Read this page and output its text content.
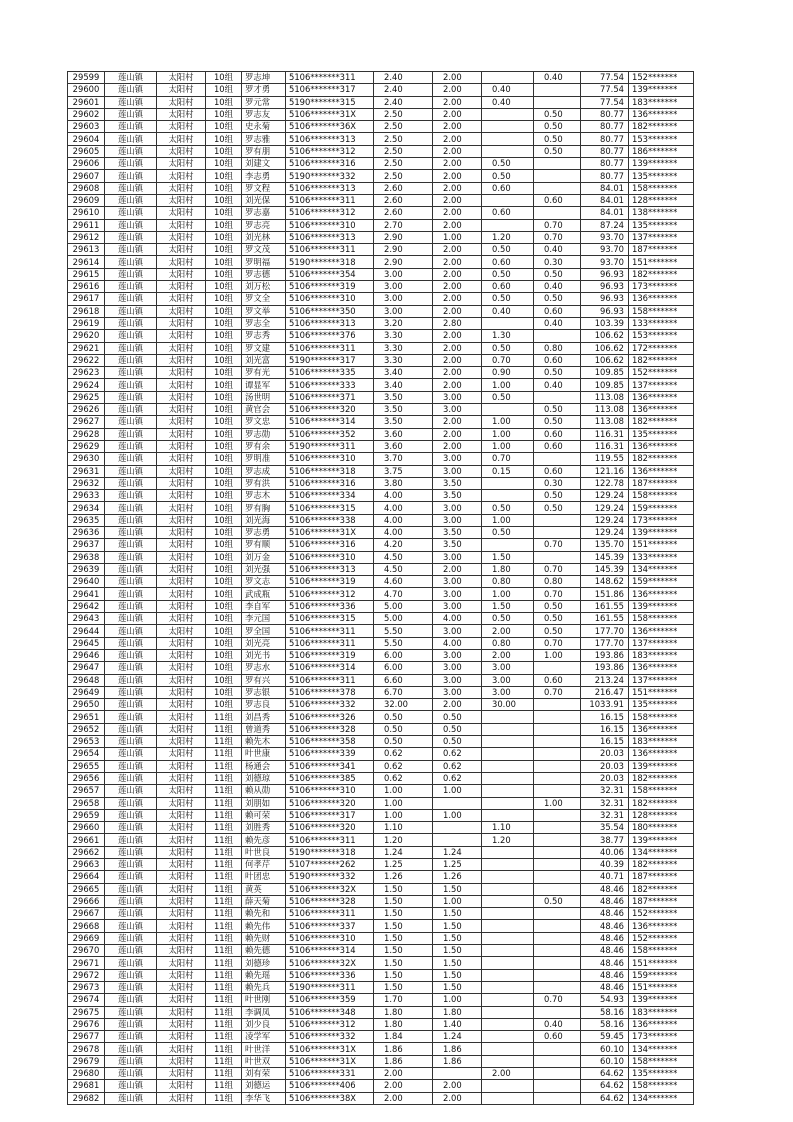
29599	莲山镇	太阳村	10组	罗志坤	5106*******311	2.40	2.00		0.40	77.54	152*******
29600	莲山镇	太阳村	10组	罗才勇	5106*******317	2.40	2.00	0.40		77.54	139*******
29601	莲山镇	太阳村	10组	罗元常	5190*******315	2.40	2.00	0.40		77.54	183*******
29602	莲山镇	太阳村	10组	罗志友	5106*******31X	2.50	2.00		0.50	80.77	136*******
29603	莲山镇	太阳村	10组	史永菊	5106*******36X	2.50	2.00		0.50	80.77	182*******
29604	莲山镇	太阳村	10组	罗志雅	5106*******313	2.50	2.00		0.50	80.77	153*******
29605	莲山镇	太阳村	10组	罗有朋	5106*******312	2.50	2.00		0.50	80.77	186*******
29606	莲山镇	太阳村	10组	刘建文	5106*******316	2.50	2.00	0.50		80.77	139*******
29607	莲山镇	太阳村	10组	李志勇	5190*******332	2.50	2.00	0.50		80.77	135*******
29608	莲山镇	太阳村	10组	罗文程	5106*******313	2.60	2.00	0.60		84.01	158*******
29609	莲山镇	太阳村	10组	刘光保	5106*******311	2.60	2.00		0.60	84.01	128*******
29610	莲山镇	太阳村	10组	罗志嘉	5106*******312	2.60	2.00	0.60		84.01	138*******
29611	莲山镇	太阳村	10组	罗志亮	5106*******310	2.70	2.00		0.70	87.24	135*******
29612	莲山镇	太阳村	10组	刘光林	5106*******313	2.90	1.00	1.20	0.70	93.70	137*******
29613	莲山镇	太阳村	10组	罗文茂	5106*******311	2.90	2.00	0.50	0.40	93.70	187*******
29614	莲山镇	太阳村	10组	罗明福	5190*******318	2.90	2.00	0.60	0.30	93.70	151*******
29615	莲山镇	太阳村	10组	罗志德	5106*******354	3.00	2.00	0.50	0.50	96.93	182*******
29616	莲山镇	太阳村	10组	刘万松	5106*******319	3.00	2.00	0.60	0.40	96.93	173*******
29617	莲山镇	太阳村	10组	罗文全	5106*******310	3.00	2.00	0.50	0.50	96.93	136*******
29618	莲山镇	太阳村	10组	罗文举	5106*******350	3.00	2.00	0.40	0.60	96.93	158*******
29619	莲山镇	太阳村	10组	罗志全	5106*******313	3.20	2.80		0.40	103.39	133*******
29620	莲山镇	太阳村	10组	罗志秀	5106*******376	3.30	2.00	1.30		106.62	153*******
29621	莲山镇	太阳村	10组	罗文建	5106*******311	3.30	2.00	0.50	0.80	106.62	172*******
29622	莲山镇	太阳村	10组	刘光富	5190*******317	3.30	2.00	0.70	0.60	106.62	182*******
29623	莲山镇	太阳村	10组	罗有光	5106*******335	3.40	2.00	0.90	0.50	109.85	152*******
29624	莲山镇	太阳村	10组	谭显军	5106*******333	3.40	2.00	1.00	0.40	109.85	137*******
29625	莲山镇	太阳村	10组	汤世明	5106*******371	3.50	3.00	0.50		113.08	136*******
29626	莲山镇	太阳村	10组	黄官会	5106*******320	3.50	3.00		0.50	113.08	136*******
29627	莲山镇	太阳村	10组	罗文忠	5106*******314	3.50	2.00	1.00	0.50	113.08	182*******
29628	莲山镇	太阳村	10组	罗志勋	5106*******352	3.60	2.00	1.00	0.60	116.31	135*******
29629	莲山镇	太阳村	10组	罗有余	5190*******311	3.60	2.00	1.00	0.60	116.31	136*******
29630	莲山镇	太阳村	10组	罗明准	5106*******310	3.70	3.00	0.70		119.55	182*******
29631	莲山镇	太阳村	10组	罗志成	5106*******318	3.75	3.00	0.15	0.60	121.16	136*******
29632	莲山镇	太阳村	10组	罗有洪	5106*******316	3.80	3.50		0.30	122.78	187*******
29633	莲山镇	太阳村	10组	罗志木	5106*******334	4.00	3.50		0.50	129.24	158*******
29634	莲山镇	太阳村	10组	罗有胸	5106*******315	4.00	3.00	0.50	0.50	129.24	159*******
29635	莲山镇	太阳村	10组	刘光海	5106*******338	4.00	3.00	1.00		129.24	173*******
29636	莲山镇	太阳村	10组	罗志勇	5106*******31X	4.00	3.50	0.50		129.24	139*******
29637	莲山镇	太阳村	10组	罗有顺	5106*******316	4.20	3.50		0.70	135.70	151*******
29638	莲山镇	太阳村	10组	刘万金	5106*******310	4.50	3.00	1.50		145.39	133*******
29639	莲山镇	太阳村	10组	刘光强	5106*******313	4.50	2.00	1.80	0.70	145.39	134*******
29640	莲山镇	太阳村	10组	罗文志	5106*******319	4.60	3.00	0.80	0.80	148.62	159*******
29641	莲山镇	太阳村	10组	武成瓶	5106*******312	4.70	3.00	1.00	0.70	151.86	136*******
29642	莲山镇	太阳村	10组	李自军	5106*******336	5.00	3.00	1.50	0.50	161.55	139*******
29643	莲山镇	太阳村	10组	李元国	5106*******315	5.00	4.00	0.50	0.50	161.55	158*******
29644	莲山镇	太阳村	10组	罗全国	5106*******311	5.50	3.00	2.00	0.50	177.70	136*******
29645	莲山镇	太阳村	10组	刘光亮	5106*******311	5.50	4.00	0.80	0.70	177.70	137*******
29646	莲山镇	太阳村	10组	刘光书	5106*******319	6.00	3.00	2.00	1.00	193.86	183*******
29647	莲山镇	太阳村	10组	罗志水	5106*******314	6.00	3.00	3.00		193.86	136*******
29648	莲山镇	太阳村	10组	罗有兴	5106*******311	6.60	3.00	3.00	0.60	213.24	137*******
29649	莲山镇	太阳村	10组	罗志银	5106*******378	6.70	3.00	3.00	0.70	216.47	151*******
29650	莲山镇	太阳村	10组	罗志良	5106*******332	32.00	2.00	30.00		1033.91	135*******
29651	莲山镇	太阳村	11组	刘昌秀	5106*******326	0.50	0.50			16.15	158*******
29652	莲山镇	太阳村	11组	曾道秀	5106*******328	0.50	0.50			16.15	136*******
29653	莲山镇	太阳村	11组	赖先木	5106*******358	0.50	0.50			16.15	183*******
29654	莲山镇	太阳村	11组	叶世康	5106*******339	0.62	0.62			20.03	136*******
29655	莲山镇	太阳村	11组	杨通会	5106*******341	0.62	0.62			20.03	139*******
29656	莲山镇	太阳村	11组	刘德琼	5106*******385	0.62	0.62			20.03	182*******
29657	莲山镇	太阳村	11组	赖从勋	5106*******310	1.00	1.00			32.31	158*******
29658	莲山镇	太阳村	11组	刘朋如	5106*******320	1.00			1.00	32.31	182*******
29659	莲山镇	太阳村	11组	赖可荣	5106*******317	1.00	1.00			32.31	128*******
29660	莲山镇	太阳村	11组	刘胜秀	5106*******320	1.10		1.10		35.54	180*******
29661	莲山镇	太阳村	11组	赖先彦	5106*******311	1.20		1.20		38.77	139*******
29662	莲山镇	太阳村	11组	叶世良	5190*******318	1.24	1.24			40.06	134*******
29663	莲山镇	太阳村	11组	何孝芹	5107*******262	1.25	1.25			40.39	182*******
29664	莲山镇	太阳村	11组	叶团忠	5190*******332	1.26	1.26			40.71	187*******
29665	莲山镇	太阳村	11组	黄英	5106*******32X	1.50	1.50			48.46	182*******
29666	莲山镇	太阳村	11组	薛天菊	5106*******328	1.50	1.00		0.50	48.46	187*******
29667	莲山镇	太阳村	11组	赖先和	5106*******311	1.50	1.50			48.46	152*******
29668	莲山镇	太阳村	11组	赖先伟	5106*******337	1.50	1.50			48.46	136*******
29669	莲山镇	太阳村	11组	赖先财	5106*******310	1.50	1.50			48.46	152*******
29670	莲山镇	太阳村	11组	赖先德	5106*******314	1.50	1.50			48.46	158*******
29671	莲山镇	太阳村	11组	刘德珍	5106*******32X	1.50	1.50			48.46	151*******
29672	莲山镇	太阳村	11组	赖先瑶	5106*******336	1.50	1.50			48.46	159*******
29673	莲山镇	太阳村	11组	赖先兵	5190*******311	1.50	1.50			48.46	151*******
29674	莲山镇	太阳村	11组	叶世刚	5106*******359	1.70	1.00		0.70	54.93	139*******
29675	莲山镇	太阳村	11组	李调凤	5106*******348	1.80	1.80			58.16	183*******
29676	莲山镇	太阳村	11组	刘少良	5106*******312	1.80	1.40		0.40	58.16	136*******
29677	莲山镇	太阳村	11组	凌学军	5106*******332	1.84	1.24		0.60	59.45	173*******
29678	莲山镇	太阳村	11组	叶世洋	5106*******31X	1.86	1.86			60.10	134*******
29679	莲山镇	太阳村	11组	叶世双	5106*******31X	1.86	1.86			60.10	158*******
29680	莲山镇	太阳村	11组	刘有荣	5106*******331	2.00		2.00		64.62	135*******
29681	莲山镇	太阳村	11组	刘德运	5106*******406	2.00	2.00			64.62	158*******
29682	莲山镇	太阳村	11组	李华飞	5106*******38X	2.00	2.00			64.62	134*******
